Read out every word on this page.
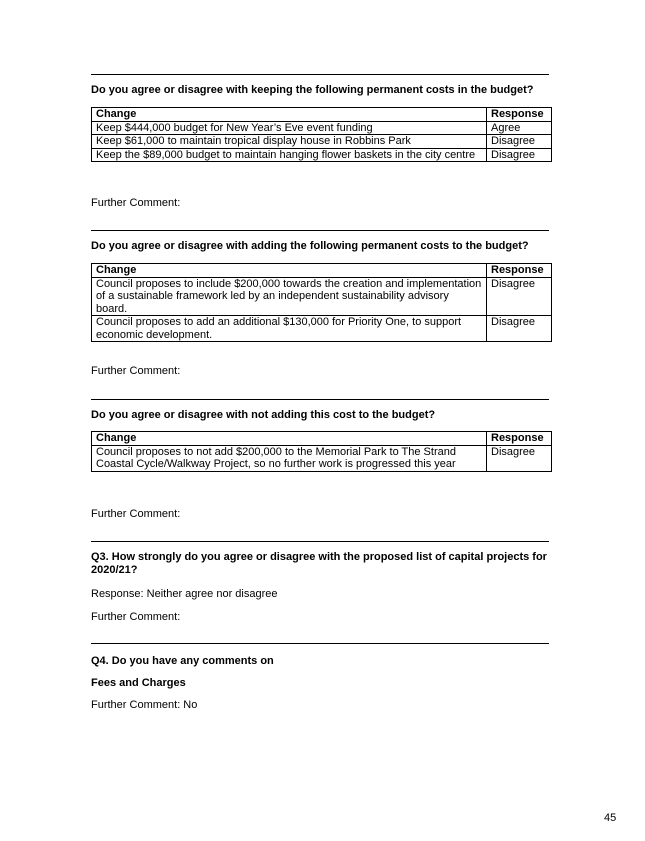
Do you agree or disagree with keeping the following permanent costs in the budget?
Change	Response
Keep $444,000 budget for New Year’s Eve event funding	Agree
Keep $61,000 to maintain tropical display house in Robbins Park	Disagree
Keep the $89,000 budget to maintain hanging flower baskets in the city centre	Disagree
Further Comment:
Do you agree or disagree with adding the following permanent costs to the budget?
Change	Response
Council proposes to include $200,000 towards the creation and implementation of a sustainable framework led by an independent sustainability advisory board.	Disagree
Council proposes to add an additional $130,000 for Priority One, to support economic development.	Disagree
Further Comment:
Do you agree or disagree with not adding this cost to the budget?
Change	Response
Council proposes to not add $200,000 to the Memorial Park to The Strand Coastal Cycle/Walkway Project, so no further work is progressed this year	Disagree
Further Comment:
Q3. How strongly do you agree or disagree with the proposed list of capital projects for 2020/21?
Response: Neither agree nor disagree
Further Comment:
Q4. Do you have any comments on
Fees and Charges
Further Comment: No
45
